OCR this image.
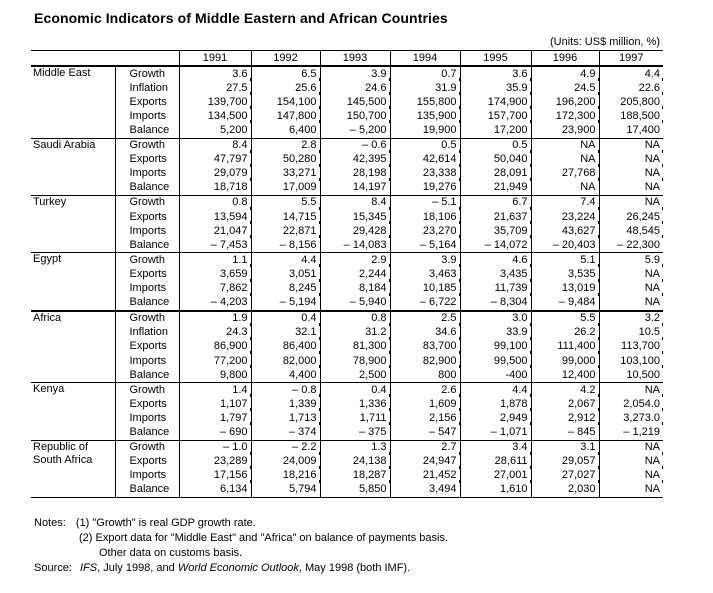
Economic Indicators of Middle Eastern and African Countries
(Units: US$ million, %)
		1991	1992	1993	1994	1995	1996	1997

Middle East	Growth	3.6	6.5	3.9	0.7	3.6	4.9	4.4
	Inflation	27.5	25.6	24.6	31.9	35.9	24.5	22.6
	Exports	139,700	154,100	145,500	155,800	174,900	196,200	205,800
	Imports	134,500	147,800	150,700	135,900	157,700	172,300	188,500
	Balance	5,200	6,400	– 5,200	19,900	17,200	23,900	17,400

Saudi Arabia	Growth	8.4	2.8	– 0.6	0.5	0.5	NA	NA
	Exports	47,797	50,280	42,395	42,614	50,040	NA	NA
	Imports	29,079	33,271	28,198	23,338	28,091	27,768	NA
	Balance	18,718	17,009	14,197	19,276	21,949	NA	NA

Turkey	Growth	0.8	5.5	8.4	– 5.1	6.7	7.4	NA
	Exports	13,594	14,715	15,345	18,106	21,637	23,224	26,245
	Imports	21,047	22,871	29,428	23,270	35,709	43,627	48,545
	Balance	– 7,453	– 8,156	– 14,083	– 5,164	– 14,072	– 20,403	– 22,300

Egypt	Growth	1.1	4.4	2.9	3.9	4.6	5.1	5.9
	Exports	3,659	3,051	2,244	3,463	3,435	3,535	NA
	Imports	7,862	8,245	8,184	10,185	11,739	13,019	NA
	Balance	– 4,203	– 5,194	– 5,940	– 6,722	– 8,304	– 9,484	NA

Africa	Growth	1.9	0.4	0.8	2.5	3.0	5.5	3.2
	Inflation	24.3	32.1	31.2	34.6	33.9	26.2	10.5
	Exports	86,900	86,400	81,300	83,700	99,100	111,400	113,700
	Imports	77,200	82,000	78,900	82,900	99,500	99,000	103,100
	Balance	9,800	4,400	2,500	800	-400	12,400	10,500

Kenya	Growth	1.4	– 0.8	0.4	2.6	4.4	4.2	NA
	Exports	1,107	1,339	1,336	1,609	1,878	2,067	2,054.0
	Imports	1,797	1,713	1,711	2,156	2,949	2,912	3,273.0
	Balance	– 690	– 374	– 375	– 547	– 1,071	– 845	– 1,219

Republic of
South Africa	Growth	– 1.0	– 2.2	1.3	2.7	3.4	3.1	NA
	Exports	23,289	24,009	24,138	24,947	28,611	29,057	NA
	Imports	17,156	18,216	18,287	21,452	27,001	27,027	NA
	Balance	6,134	5,794	5,850	3,494	1,610	2,030	NA
Notes: (1) "Growth" is real GDP growth rate.
(2) Export data for "Middle East" and "Africa" on balance of payments basis.
Other data on customs basis.
Source: IFS, July 1998, and World Economic Outlook, May 1998 (both IMF).
